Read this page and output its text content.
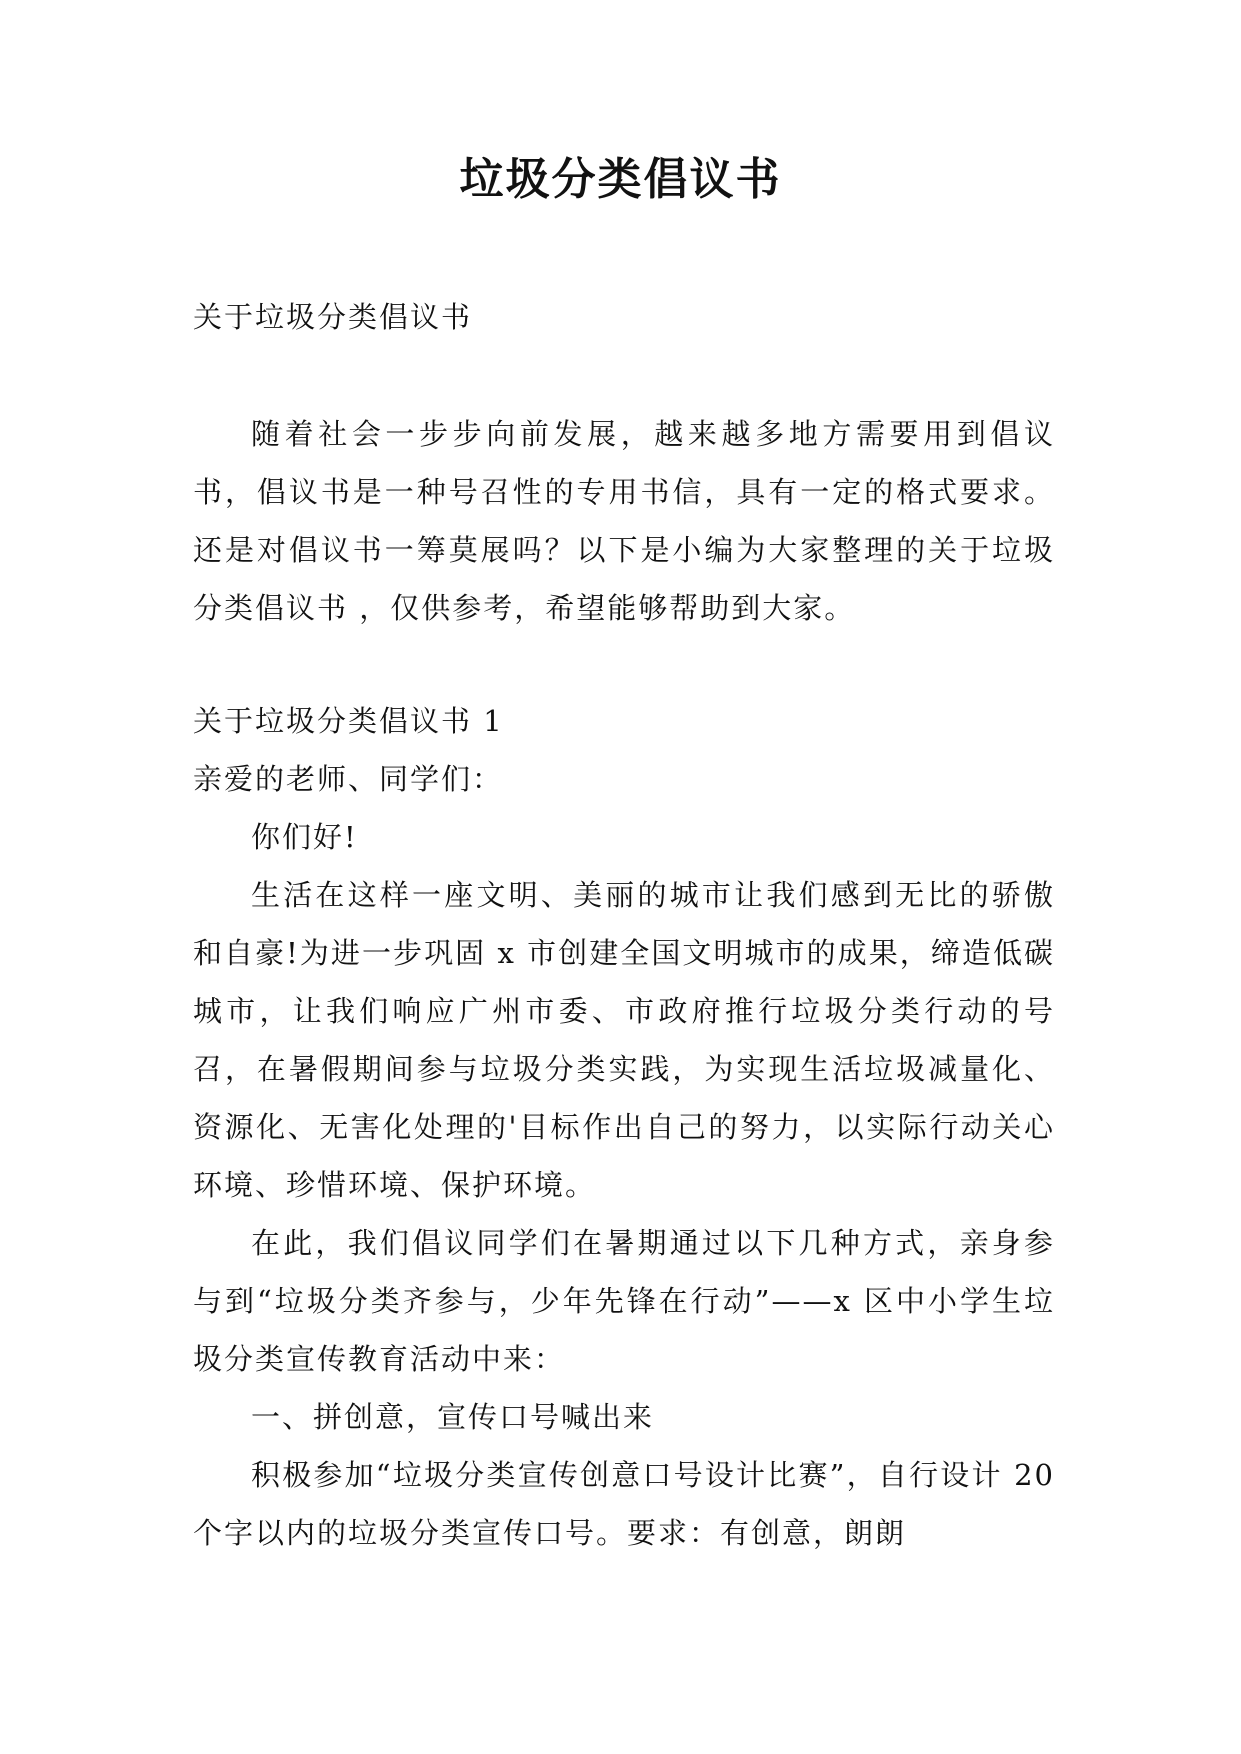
垃圾分类倡议书

关于垃圾分类倡议书

随着社会一步步向前发展，越来越多地方需要用到倡议书，倡议书是一种号召性的专用书信，具有一定的格式要求。还是对倡议书一筹莫展吗？以下是小编为大家整理的关于垃圾分类倡议书 ，仅供参考，希望能够帮助到大家。

关于垃圾分类倡议书 1

亲爱的老师、同学们：

你们好!

生活在这样一座文明、美丽的城市让我们感到无比的骄傲和自豪!为进一步巩固 x 市创建全国文明城市的成果，缔造低碳城市，让我们响应广州市委、市政府推行垃圾分类行动的号召，在暑假期间参与垃圾分类实践，为实现生活垃圾减量化、资源化、无害化处理的'目标作出自己的努力，以实际行动关心环境、珍惜环境、保护环境。

在此，我们倡议同学们在暑期通过以下几种方式，亲身参与到“垃圾分类齐参与，少年先锋在行动”——x 区中小学生垃圾分类宣传教育活动中来：

一、拼创意，宣传口号喊出来

积极参加“垃圾分类宣传创意口号设计比赛”，自行设计 20 个字以内的垃圾分类宣传口号。要求：有创意，朗朗
